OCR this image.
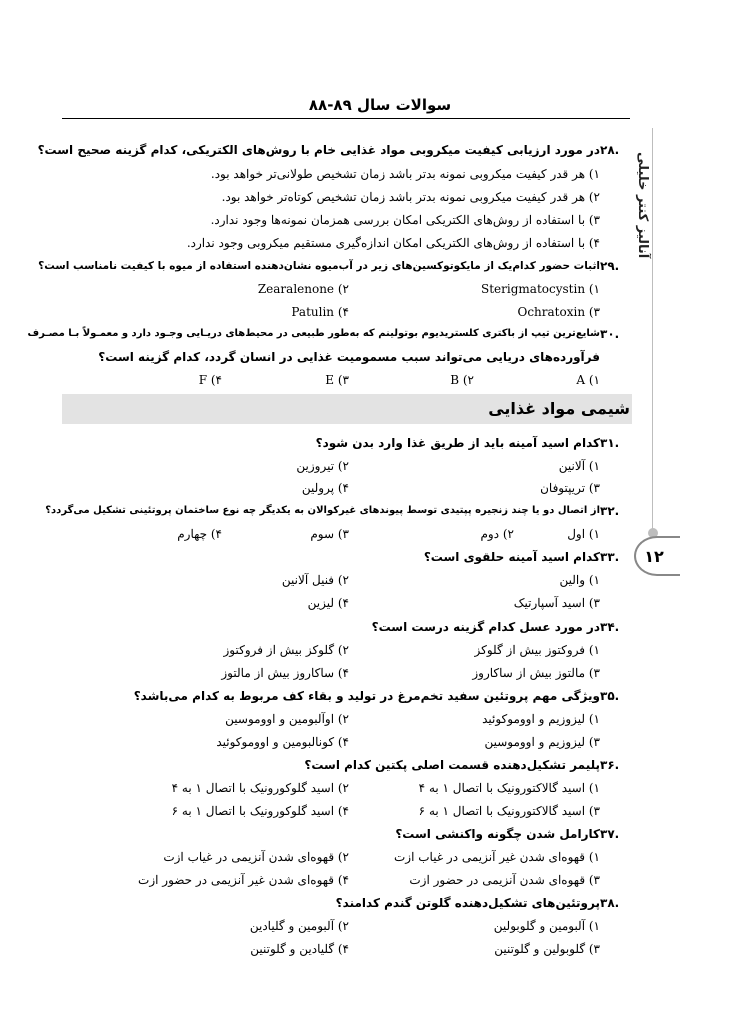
سوالات سال ۸۹-۸۸
آنالیز کنتر خلیلی
۱۲
۲۸.
در مورد ارزیابی کیفیت میکروبی مواد غذایی خام با روش‌های الکتریکی، کدام گزینه صحیح است؟
۱) هر قدر کیفیت میکروبی نمونه بدتر باشد زمان تشخیص طولانی‌تر خواهد بود.
۲) هر قدر کیفیت میکروبی نمونه بدتر باشد زمان تشخیص کوتاه‌تر خواهد بود.
۳) با استفاده از روش‌های الکتریکی امکان بررسی همزمان نمونه‌ها وجود ندارد.
۴) با استفاده از روش‌های الکتریکی امکان اندازه‌گیری مستقیم میکروبی وجود ندارد.
۲۹.
اثبات حضور کدام‌یک از مایکوتوکسین‌های زیر در آب‌میوه نشان‌دهنده استفاده از میوه با کیفیت نامناسب است؟
۱) Sterigmatocystin
۲) Zearalenone
۳) Ochratoxin
۴) Patulin
۳۰.
شایع‌ترین تیپ از باکتری کلستریدیوم بوتولینم که به‌طور طبیعی در محیط‌های دریـایی وجـود دارد و معمـولاً بـا مصـرف
فرآورده‌های دریایی می‌تواند سبب مسمومیت غذایی در انسان گردد، کدام گزینه است؟
۱) A
۲) B
۳) E
۴) F
شیمی مواد غذایی
۳۱.
کدام اسید آمینه باید از طریق غذا وارد بدن شود؟
۱) آلانین
۲) تیروزین
۳) تریپتوفان
۴) پرولین
۳۲.
از اتصال دو یا چند زنجیره پپتیدی توسط پیوندهای غیرکوالان به یکدیگر چه نوع ساختمان پروتئینی تشکیل می‌گردد؟
۱) اول
۲) دوم
۳) سوم
۴) چهارم
۳۳.
کدام اسید آمینه حلقوی است؟
۱) والین
۲) فنیل آلانین
۳) اسید آسپارتیک
۴) لیزین
۳۴.
در مورد عسل کدام گزینه درست است؟
۱) فروکتوز بیش از گلوکز
۲) گلوکز بیش از فروکتوز
۳) مالتوز بیش از ساکاروز
۴) ساکاروز بیش از مالتوز
۳۵.
ویژگی مهم پروتئین سفید تخم‌مرغ در تولید و بقاء کف مربوط به کدام می‌باشد؟
۱) لیزوزیم و اووموکوئید
۲) اوآلبومین و اووموسین
۳) لیزوزیم و اووموسین
۴) کونالبومین و اووموکوئید
۳۶.
پلیمر تشکیل‌دهنده قسمت اصلی پکتین کدام است؟
۱) اسید گالاکتورونیک با اتصال ۱ به ۴
۲) اسید گلوکورونیک با اتصال ۱ به ۴
۳) اسید گالاکتورونیک با اتصال ۱ به ۶
۴) اسید گلوکورونیک با اتصال ۱ به ۶
۳۷.
کارامل شدن چگونه واکنشی است؟
۱) قهوه‌ای شدن غیر آنزیمی در غیاب ازت
۲) قهوه‌ای شدن آنزیمی در غیاب ازت
۳) قهوه‌ای شدن آنزیمی در حضور ازت
۴) قهوه‌ای شدن غیر آنزیمی در حضور ازت
۳۸.
پروتئین‌های تشکیل‌دهنده گلوتن گندم کدامند؟
۱) آلبومین و گلوبولین
۲) آلبومین و گلیادین
۳) گلوبولین و گلوتنین
۴) گلیادین و گلوتنین
